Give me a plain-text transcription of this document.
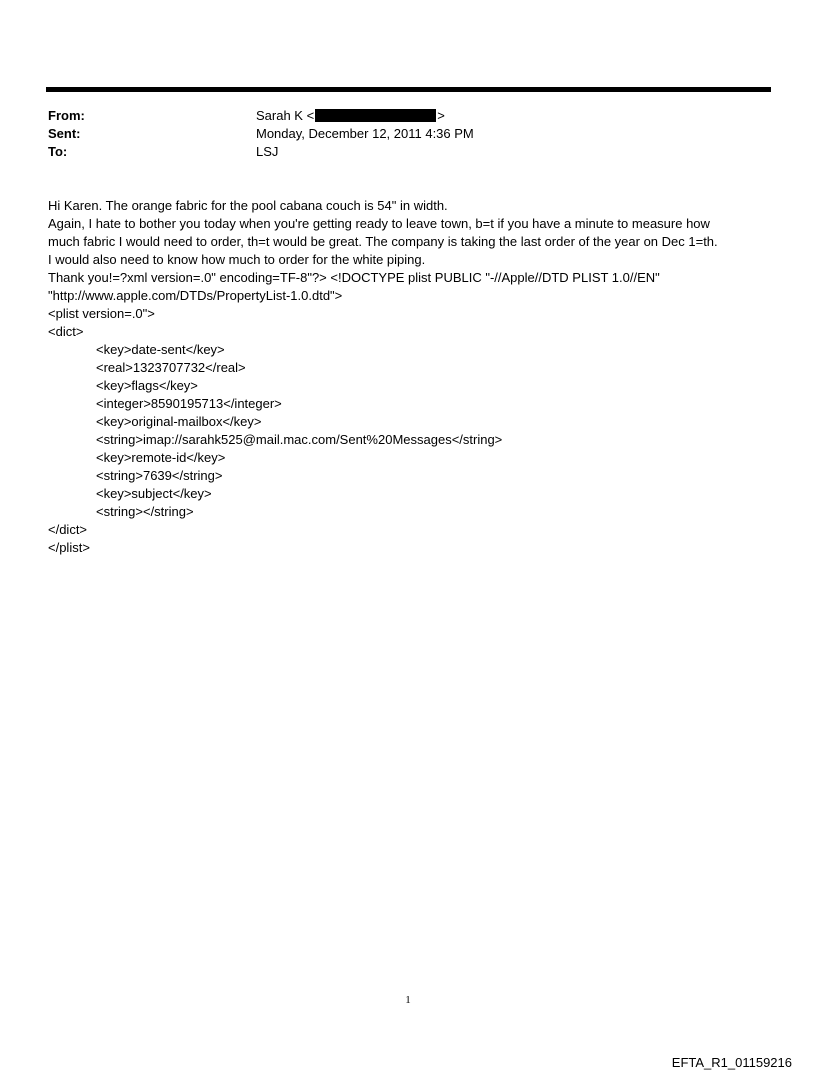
From:	Sarah K <	>
Sent:	Monday, December 12, 2011 4:36 PM
To:	LSJ
Hi Karen. The orange fabric for the pool cabana couch is 54" in width.
Again, I hate to bother you today when you're getting ready to leave town, b=t if you have a minute to measure how
much fabric I would need to order, th=t would be great. The company is taking the last order of the year on Dec 1=th.
I would also need to know how much to order for the white piping.
Thank you!=?xml version=.0" encoding=TF-8"?> <!DOCTYPE plist PUBLIC "-//Apple//DTD PLIST 1.0//EN"
"http://www.apple.com/DTDs/PropertyList-1.0.dtd">
<plist version=.0">
<dict>
<key>date-sent</key>
<real>1323707732</real>
<key>flags</key>
<integer>8590195713</integer>
<key>original-mailbox</key>
<string>imap://sarahk525@mail.mac.com/Sent%20Messages</string>
<key>remote-id</key>
<string>7639</string>
<key>subject</key>
<string></string>
</dict>
</plist>
1
EFTA_R1_01159216
